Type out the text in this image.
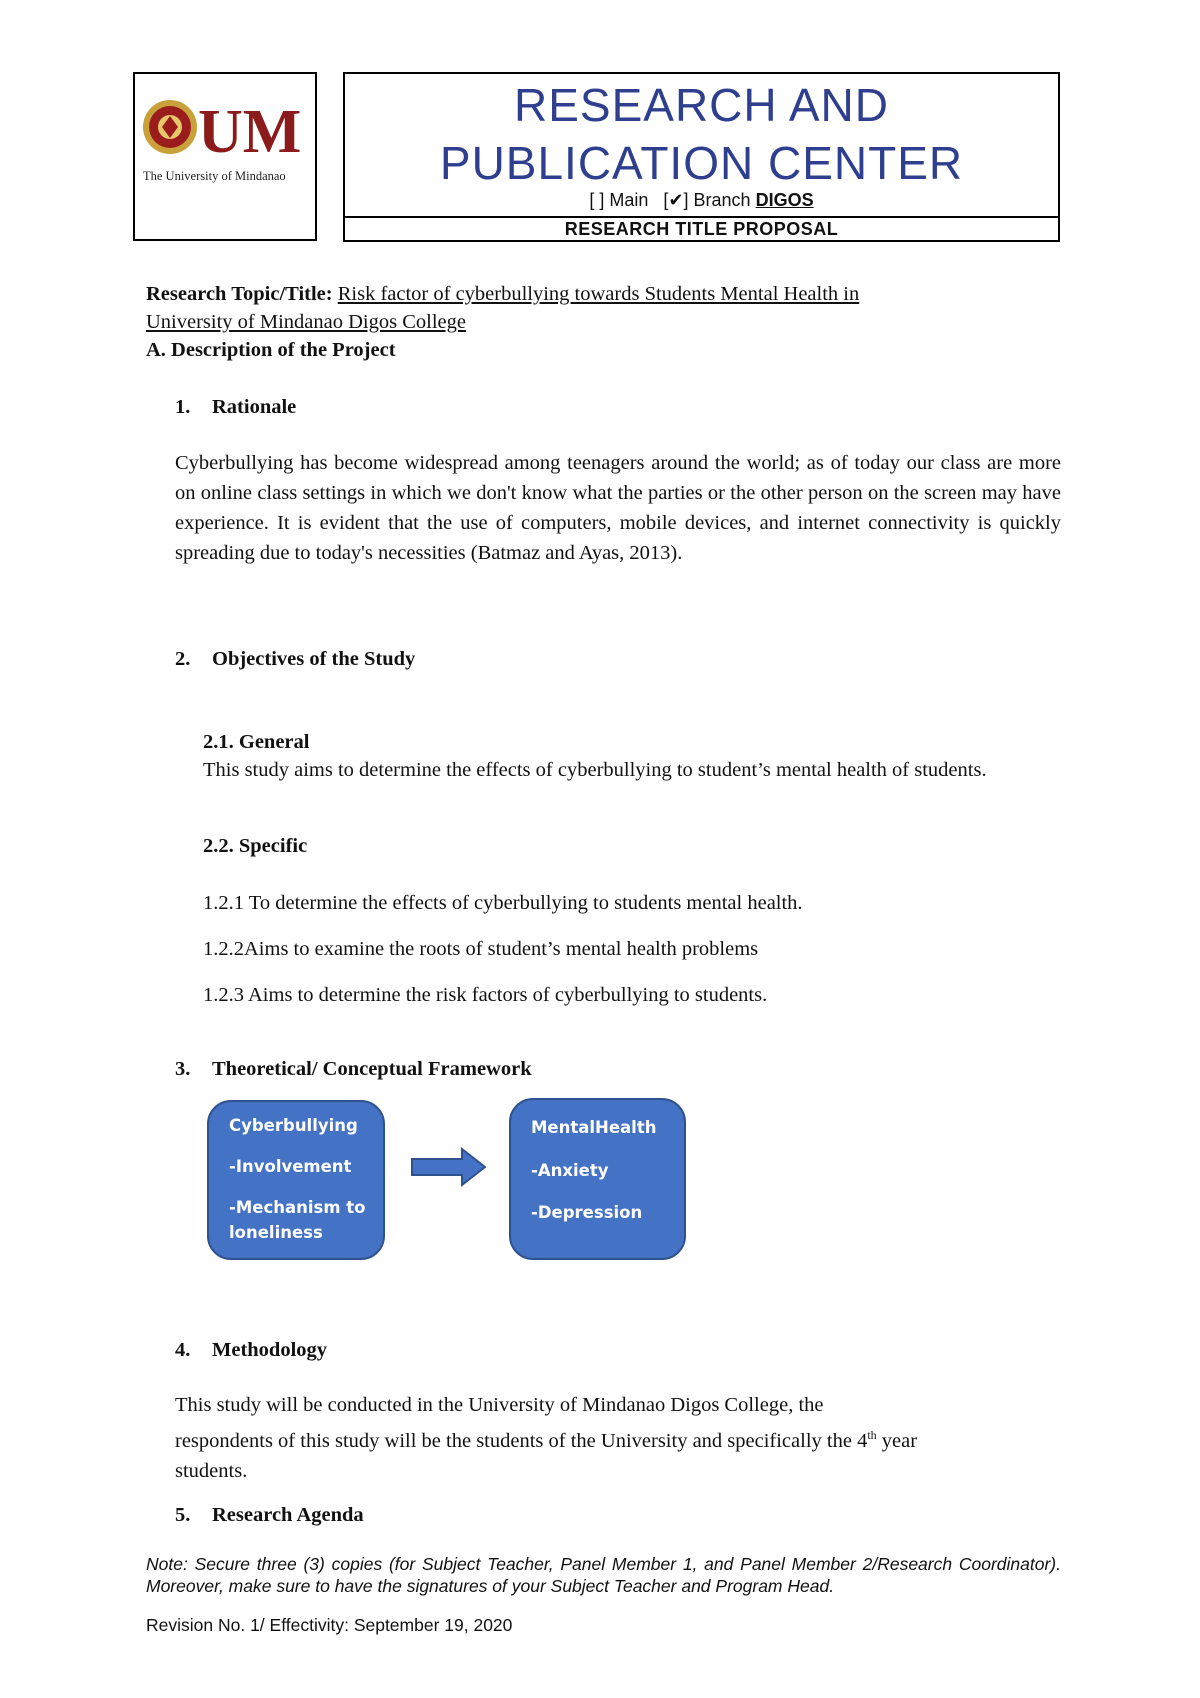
UM
The University of Mindanao
RESEARCH AND
PUBLICATION CENTER
[ ] Main [✔] Branch DIGOS
RESEARCH TITLE PROPOSAL
Research Topic/Title: Risk factor of cyberbullying towards Students Mental Health in
University of Mindanao Digos College
A. Description of the Project
1. Rationale
Cyberbullying has become widespread among teenagers around the world; as of today our class are more on online class settings in which we don't know what the parties or the other person on the screen may have experience. It is evident that the use of computers, mobile devices, and internet connectivity is quickly spreading due to today's necessities (Batmaz and Ayas, 2013).
2. Objectives of the Study
2.1. General
This study aims to determine the effects of cyberbullying to student’s mental health of students.
2.2. Specific
1.2.1 To determine the effects of cyberbullying to students mental health.
1.2.2Aims to examine the roots of student’s mental health problems
1.2.3 Aims to determine the risk factors of cyberbullying to students.
3. Theoretical/ Conceptual Framework
Cyberbullying
-Involvement
-Mechanism to
loneliness
MentalHealth
-Anxiety
-Depression
4. Methodology
This study will be conducted in the University of Mindanao Digos College, the
respondents of this study will be the students of the University and specifically the 4th year
students.
5. Research Agenda
Note: Secure three (3) copies (for Subject Teacher, Panel Member 1, and Panel Member 2/Research Coordinator). Moreover, make sure to have the signatures of your Subject Teacher and Program Head.
Revision No. 1/ Effectivity: September 19, 2020
